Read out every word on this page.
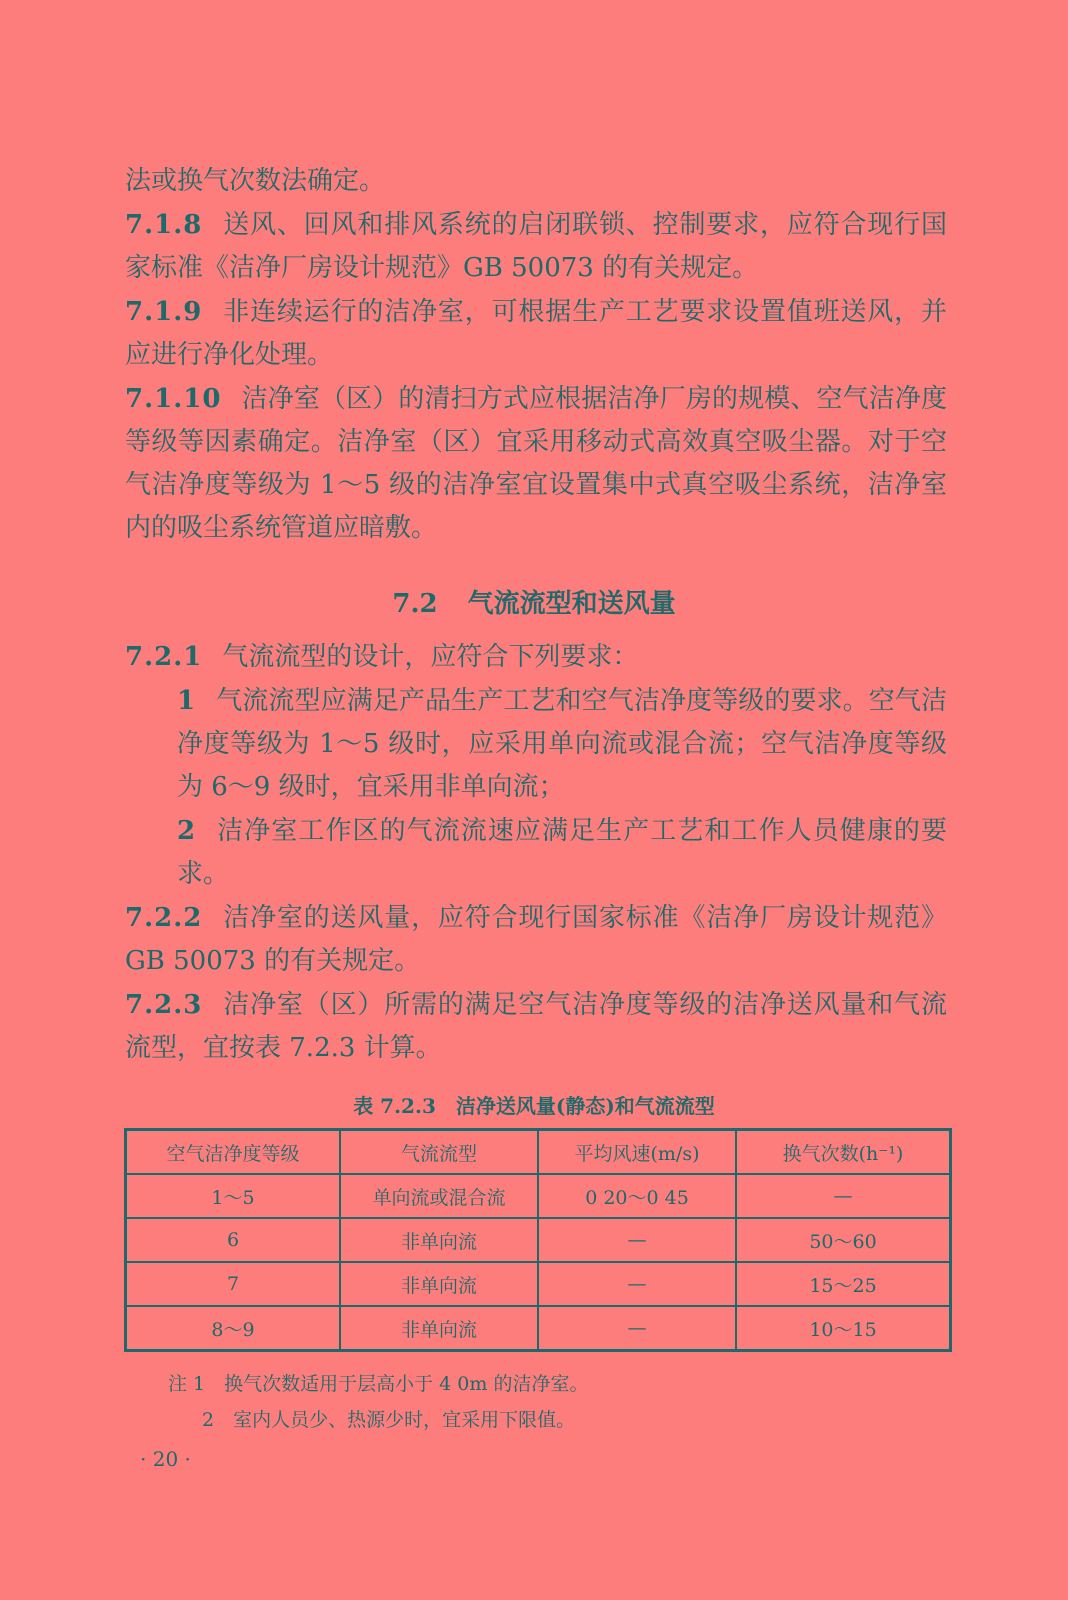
法或换气次数法确定。

7.1.8 送风、回风和排风系统的启闭联锁、控制要求，应符合现行国家标准《洁净厂房设计规范》GB 50073 的有关规定。

7.1.9 非连续运行的洁净室，可根据生产工艺要求设置值班送风，并应进行净化处理。

7.1.10 洁净室（区）的清扫方式应根据洁净厂房的规模、空气洁净度等级等因素确定。洁净室（区）宜采用移动式高效真空吸尘器。对于空气洁净度等级为 1～5 级的洁净室宜设置集中式真空吸尘系统，洁净室内的吸尘系统管道应暗敷。

7.2 气流流型和送风量

7.2.1 气流流型的设计，应符合下列要求：

1 气流流型应满足产品生产工艺和空气洁净度等级的要求。空气洁净度等级为 1～5 级时，应采用单向流或混合流；空气洁净度等级为 6～9 级时，宜采用非单向流；

2 洁净室工作区的气流流速应满足生产工艺和工作人员健康的要求。

7.2.2 洁净室的送风量，应符合现行国家标准《洁净厂房设计规范》GB 50073 的有关规定。

7.2.3 洁净室（区）所需的满足空气洁净度等级的洁净送风量和气流流型，宜按表 7.2.3 计算。

表 7.2.3　洁净送风量(静态)和气流流型
空气洁净度等级	气流流型	平均风速(m/s)	换气次数(h⁻¹)
1～5	单向流或混合流	0 20～0 45	—
6	非单向流	—	50～60
7	非单向流	—	15～25
8～9	非单向流	—	10～15
注 1　换气次数适用于层高小于 4 0m 的洁净室。
2　室内人员少、热源少时，宜采用下限值。
· 20 ·
